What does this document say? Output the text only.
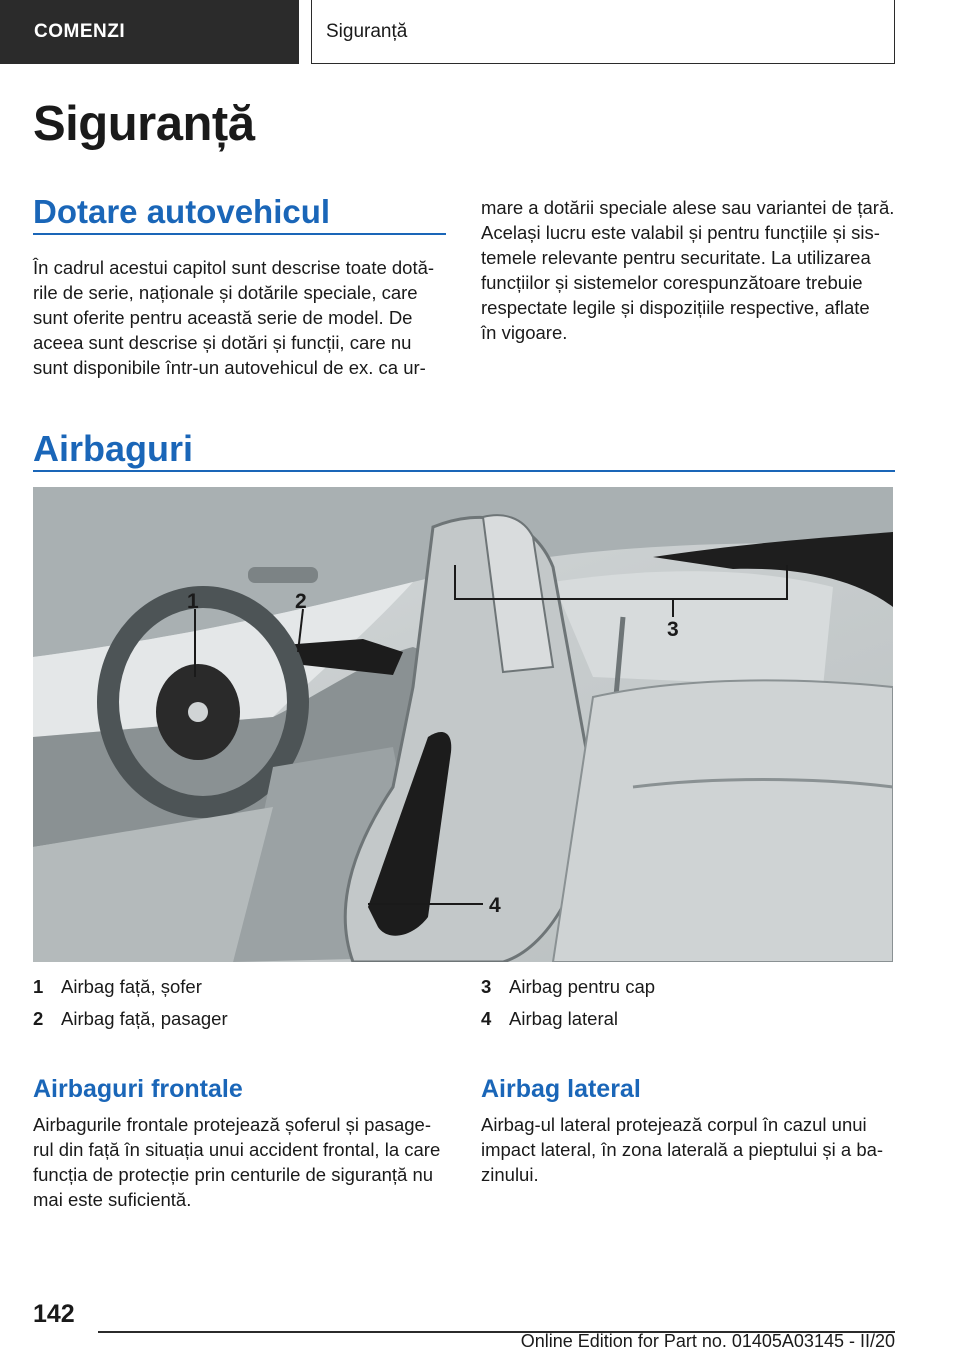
COMENZI	Siguranță
Siguranță
Dotare autovehicul
În cadrul acestui capitol sunt descrise toate dotă‐
rile de serie, naționale și dotările speciale, care
sunt oferite pentru această serie de model. De
aceea sunt descrise și dotări și funcții, care nu
sunt disponibile într-un autovehicul de ex. ca ur‐
mare a dotării speciale alese sau variantei de țară.
Același lucru este valabil și pentru funcțiile și sis‐
temele relevante pentru securitate. La utilizarea
funcțiilor și sistemelor corespunzătoare trebuie
respectate legile și dispozițiile respective, aflate
în vigoare.
Airbaguri
1	2
3
4
1 Airbag față, șofer
2 Airbag față, pasager
3 Airbag pentru cap
4 Airbag lateral
Airbaguri frontale
Airbagurile frontale protejează șoferul și pasage‐
rul din față în situația unui accident frontal, la care
funcția de protecție prin centurile de siguranță nu
mai este suficientă.
Airbag lateral
Airbag-ul lateral protejează corpul în cazul unui
impact lateral, în zona laterală a pieptului și a ba‐
zinului.
142
Online Edition for Part no. 01405A03145 - II/20
